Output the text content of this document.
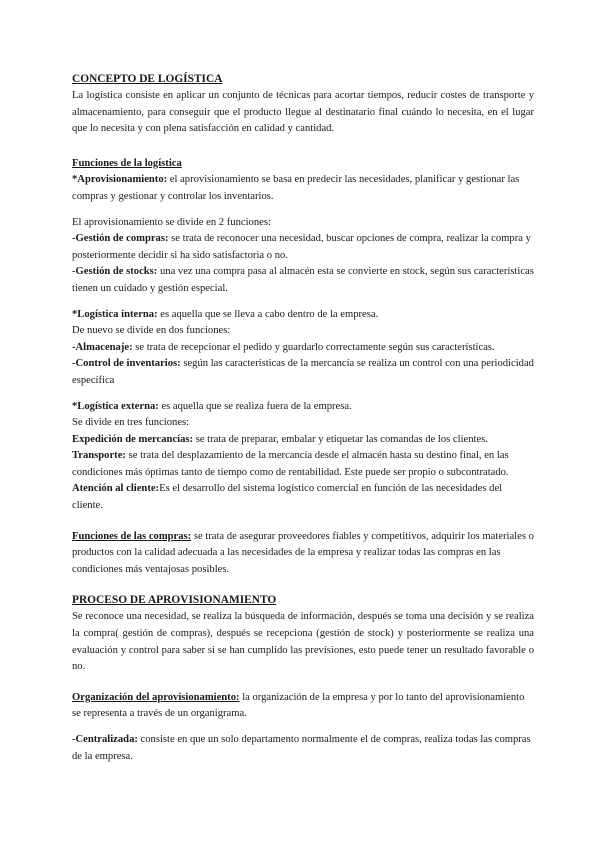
CONCEPTO DE LOGÍSTICA

La logística consiste en aplicar un conjunto de técnicas para acortar tiempos, reducir costes de transporte y almacenamiento, para conseguir que el producto llegue al destinatario final cuándo lo necesita, en el lugar que lo necesita y con plena satisfacción en calidad y cantidad.

Funciones de la logística
*Aprovisionamiento: el aprovisionamiento se basa en predecir las necesidades, planificar y gestionar las compras y gestionar y controlar los inventarios.

El aprovisionamiento se divide en 2 funciones:
-Gestión de compras: se trata de reconocer una necesidad, buscar opciones de compra, realizar la compra y posteriormente decidir si ha sido satisfactoria o no.
-Gestión de stocks: una vez una compra pasa al almacén esta se convierte en stock, según sus características tienen un cuidado y gestión especial.

*Logística interna: es aquella que se lleva a cabo dentro de la empresa.
De nuevo se divide en dos funciones:
-Almacenaje: se trata de recepcionar el pedido y guardarlo correctamente según sus características.
-Control de inventarios: según las características de la mercancía se realiza un control con una periodicidad específica

*Logística externa: es aquella que se realiza fuera de la empresa.
Se divide en tres funciones:
Expedición de mercancías: se trata de preparar, embalar y etiquetar las comandas de los clientes.
Transporte: se trata del desplazamiento de la mercancía desde el almacén hasta su destino final, en las condiciones más óptimas tanto de tiempo como de rentabilidad. Este puede ser propio o subcontratado.
Atención al cliente:Es el desarrollo del sistema logístico comercial en función de las necesidades del cliente.

Funciones de las compras: se trata de asegurar proveedores fiables y competitivos, adquirir los materiales o productos con la calidad adecuada a las necesidades de la empresa y realizar todas las compras en las condiciones más ventajosas posibles.

PROCESO DE APROVISIONAMIENTO

Se reconoce una necesidad, se realiza la búsqueda de información, después se toma una decisión y se realiza la compra( gestión de compras), después se recepciona (gestión de stock) y posteriormente se realiza una evaluación y control para saber si se han cumplido las previsiones, esto puede tener un resultado favorable o no.

Organización del aprovisionamiento: la organización de la empresa y por lo tanto del aprovisionamiento se representa a través de un organigrama.

-Centralizada: consiste en que un solo departamento normalmente el de compras, realiza todas las compras de la empresa.
